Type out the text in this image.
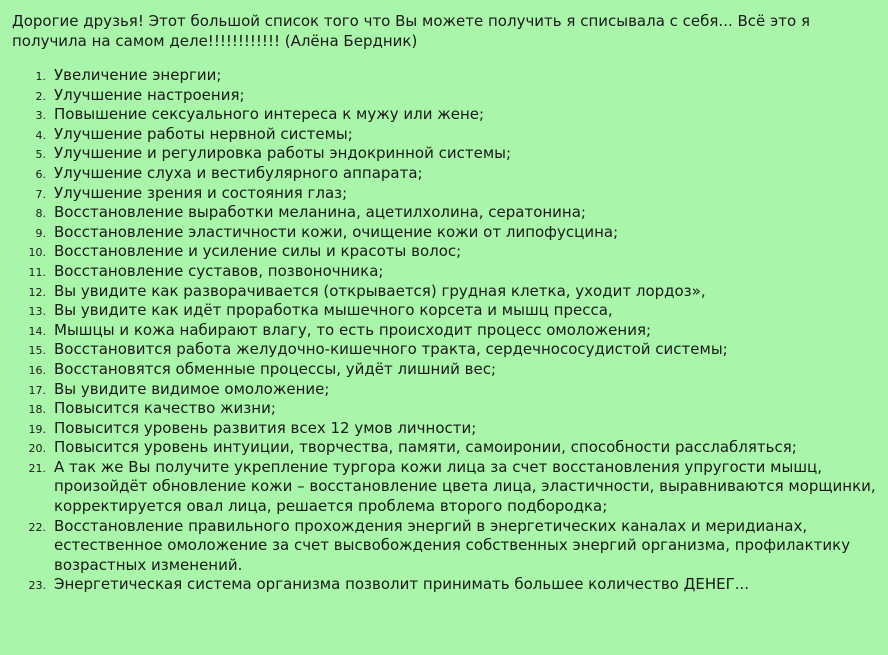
Дорогие друзья! Этот большой список того что Вы можете получить я списывала с себя... Всё это я получила на самом деле!!!!!!!!!!!! (Алёна Бердник)

1. Увеличение энергии;
2. Улучшение настроения;
3. Повышение сексуального интереса к мужу или жене;
4. Улучшение работы нервной системы;
5. Улучшение и регулировка работы эндокринной системы;
6. Улучшение слуха и вестибулярного аппарата;
7. Улучшение зрения и состояния глаз;
8. Восстановление выработки меланина, ацетилхолина, сератонина;
9. Восстановление эластичности кожи, очищение кожи от липофусцина;
10. Восстановление и усиление силы и красоты волос;
11. Восстановление суставов, позвоночника;
12. Вы увидите как разворачивается (открывается) грудная клетка, уходит лордоз»,
13. Вы увидите как идёт проработка мышечного корсета и мышц пресса,
14. Мышцы и кожа набирают влагу, то есть происходит процесс омоложения;
15. Восстановится работа желудочно-кишечного тракта, сердечнососудистой системы;
16. Восстановятся обменные процессы, уйдёт лишний вес;
17. Вы увидите видимое омоложение;
18. Повысится качество жизни;
19. Повысится уровень развития всех 12 умов личности;
20. Повысится уровень интуиции, творчества, памяти, самоиронии, способности расслабляться;
21. А так же Вы получите укрепление тургора кожи лица за счет восстановления упругости мышц, произойдёт обновление кожи – восстановление цвета лица, эластичности, выравниваются морщинки, корректируется овал лица, решается проблема второго подбородка;
22. Восстановление правильного прохождения энергий в энергетических каналах и меридианах, естественное омоложение за счет высвобождения собственных энергий организма, профилактику возрастных изменений.
23. Энергетическая система организма позволит принимать большее количество ДЕНЕГ...
